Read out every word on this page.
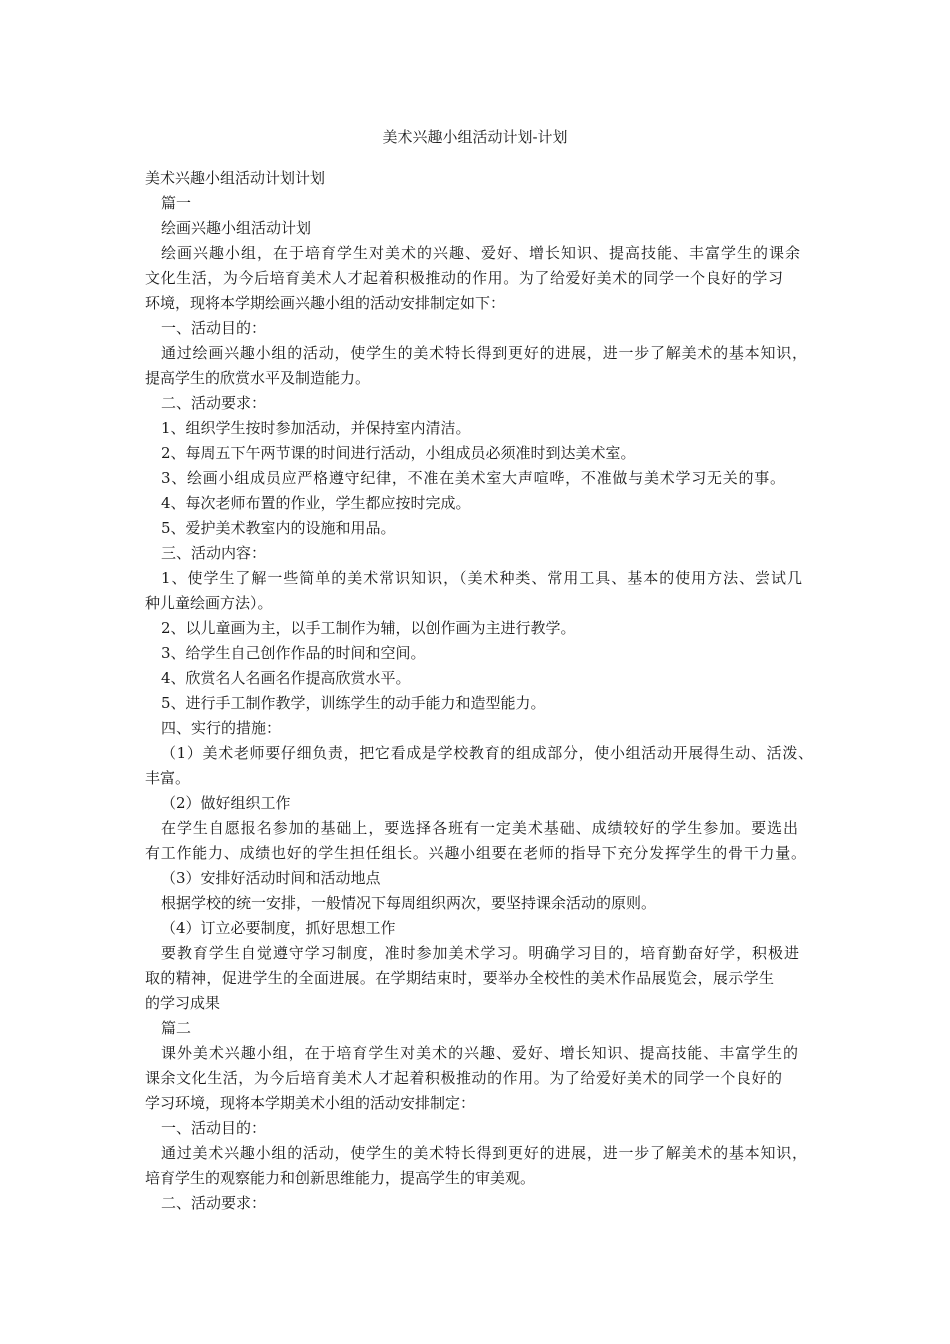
美术兴趣小组活动计划-计划
美术兴趣小组活动计划计划
篇一
绘画兴趣小组活动计划
绘画兴趣小组，在于培育学生对美术的兴趣、爱好、增长知识、提高技能、丰富学生的课余
文化生活，为今后培育美术人才起着积极推动的作用。为了给爱好美术的同学一个良好的学习
环境，现将本学期绘画兴趣小组的活动安排制定如下：
一、活动目的：
通过绘画兴趣小组的活动，使学生的美术特长得到更好的进展，进一步了解美术的基本知识，
提高学生的欣赏水平及制造能力。
二、活动要求：
1、组织学生按时参加活动，并保持室内清洁。
2、每周五下午两节课的时间进行活动，小组成员必须准时到达美术室。
3、绘画小组成员应严格遵守纪律，不准在美术室大声喧哗，不准做与美术学习无关的事。
4、每次老师布置的作业，学生都应按时完成。
5、爱护美术教室内的设施和用品。
三、活动内容：
1、使学生了解一些简单的美术常识知识，（美术种类、常用工具、基本的使用方法、尝试几
种儿童绘画方法）。
2、以儿童画为主，以手工制作为辅，以创作画为主进行教学。
3、给学生自己创作作品的时间和空间。
4、欣赏名人名画名作提高欣赏水平。
5、进行手工制作教学，训练学生的动手能力和造型能力。
四、实行的措施：
（1）美术老师要仔细负责，把它看成是学校教育的组成部分，使小组活动开展得生动、活泼、
丰富。
（2）做好组织工作
在学生自愿报名参加的基础上，要选择各班有一定美术基础、成绩较好的学生参加。要选出
有工作能力、成绩也好的学生担任组长。兴趣小组要在老师的指导下充分发挥学生的骨干力量。
（3）安排好活动时间和活动地点
根据学校的统一安排，一般情况下每周组织两次，要坚持课余活动的原则。
（4）订立必要制度，抓好思想工作
要教育学生自觉遵守学习制度，准时参加美术学习。明确学习目的，培育勤奋好学，积极进
取的精神，促进学生的全面进展。在学期结束时，要举办全校性的美术作品展览会，展示学生
的学习成果
篇二
课外美术兴趣小组，在于培育学生对美术的兴趣、爱好、增长知识、提高技能、丰富学生的
课余文化生活，为今后培育美术人才起着积极推动的作用。为了给爱好美术的同学一个良好的
学习环境，现将本学期美术小组的活动安排制定：
一、活动目的：
通过美术兴趣小组的活动，使学生的美术特长得到更好的进展，进一步了解美术的基本知识，
培育学生的观察能力和创新思维能力，提高学生的审美观。
二、活动要求：
